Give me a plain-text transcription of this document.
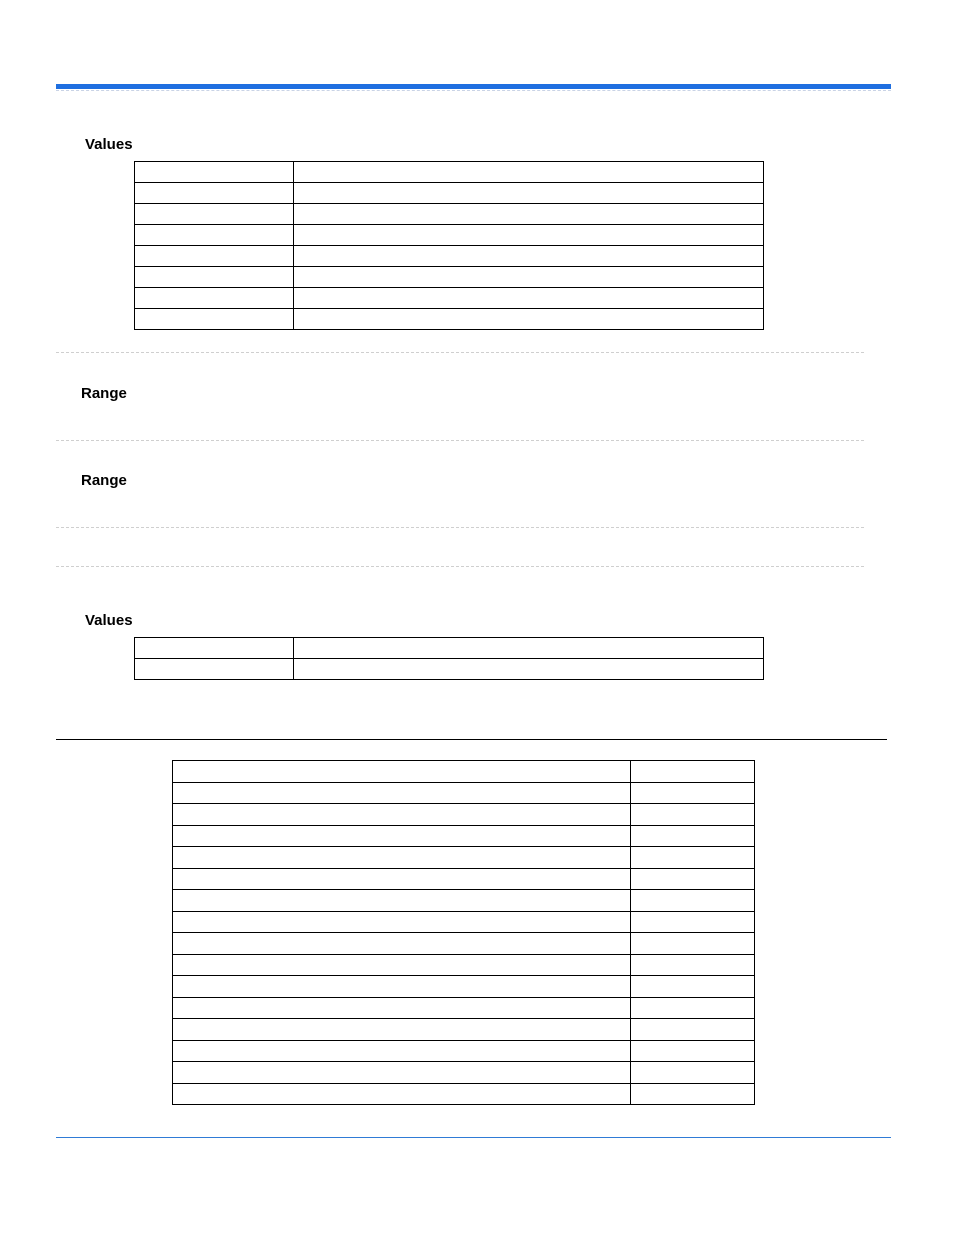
Values

Range
Range
Values
